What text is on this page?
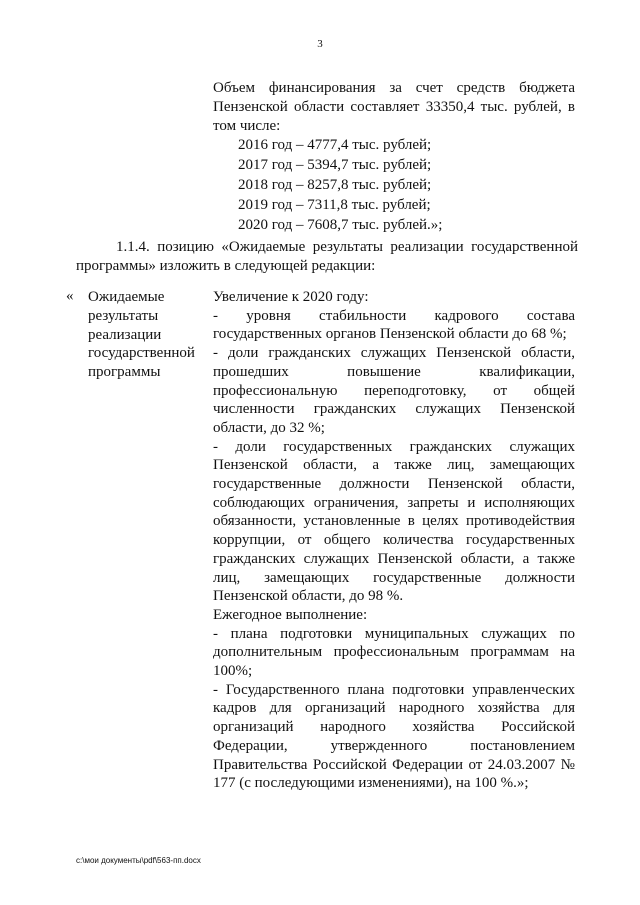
3
Объем финансирования за счет средств бюджета Пензенской области составляет 33350,4 тыс. рублей, в том числе:
2016 год – 4777,4 тыс. рублей;
2017 год – 5394,7 тыс. рублей;
2018 год – 8257,8 тыс. рублей;
2019 год – 7311,8 тыс. рублей;
2020 год – 7608,7 тыс. рублей.»;
1.1.4. позицию «Ожидаемые результаты реализации государственной программы» изложить в следующей редакции:
« Ожидаемые результаты реализации государственной программы

Увеличение к 2020 году:

- уровня стабильности кадрового состава государственных органов Пензенской области до 68 %;

- доли гражданских служащих Пензенской области, прошедших повышение квалификации, профессиональную переподготовку, от общей численности гражданских служащих Пензенской области, до 32 %;

- доли государственных гражданских служащих Пензенской области, а также лиц, замещающих государственные должности Пензенской области, соблюдающих ограничения, запреты и исполняющих обязанности, установленные в целях противодействия коррупции, от общего количества государственных гражданских служащих Пензенской области, а также лиц, замещающих государственные должности Пензенской области, до 98 %.

Ежегодное выполнение:

- плана подготовки муниципальных служащих по дополнительным профессиональным программам на 100%;

- Государственного плана подготовки управленческих кадров для организаций народного хозяйства для организаций народного хозяйства Российской Федерации, утвержденного постановлением Правительства Российской Федерации от 24.03.2007 № 177 (с последующими изменениями), на 100 %.»;

c:\мои документы\pdf\563-пп.docx
